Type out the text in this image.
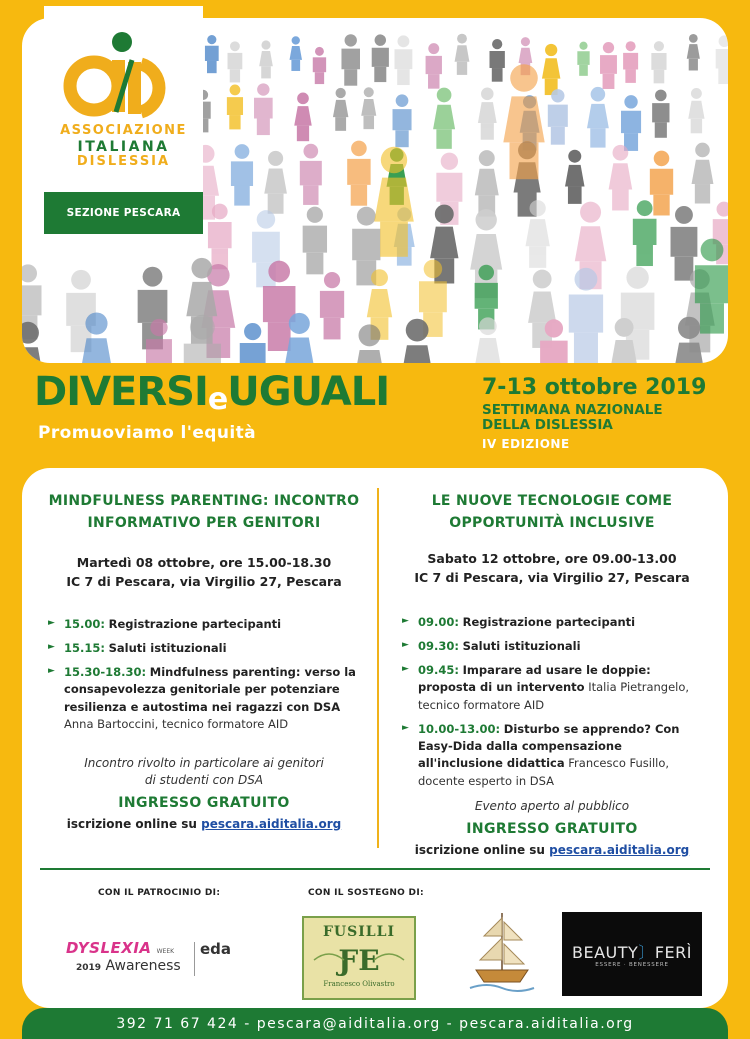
ASSOCIAZIONE
ITALIANA
DISLESSIA
SEZIONE PESCARA
DIVERSIeUGUALI
Promuoviamo l'equità
7-13 ottobre 2019
SETTIMANA NAZIONALE
DELLA DISLESSIA
IV EDIZIONE
MINDFULNESS PARENTING: INCONTRO
INFORMATIVO PER GENITORI
Martedì 08 ottobre, ore 15.00-18.30
IC 7 di Pescara, via Virgilio 27, Pescara
► 15.00: Registrazione partecipanti
► 15.15: Saluti istituzionali
► 15.30-18.30: Mindfulness parenting: verso la consapevolezza genitoriale per potenziare resilienza e autostima nei ragazzi con DSA
Anna Bartoccini, tecnico formatore AID
Incontro rivolto in particolare ai genitori
di studenti con DSA
INGRESSO GRATUITO
iscrizione online su pescara.aiditalia.org
LE NUOVE TECNOLOGIE COME
OPPORTUNITÀ INCLUSIVE
Sabato 12 ottobre, ore 09.00-13.00
IC 7 di Pescara, via Virgilio 27, Pescara
► 09.00: Registrazione partecipanti
► 09.30: Saluti istituzionali
► 09.45: Imparare ad usare le doppie: proposta di un intervento Italia Pietrangelo, tecnico formatore AID
► 10.00-13.00: Disturbo se apprendo? Con Easy-Dida dalla compensazione all'inclusione didattica Francesco Fusillo, docente esperto in DSA
Evento aperto al pubblico
INGRESSO GRATUITO
iscrizione online su pescara.aiditalia.org
CON IL PATROCINIO DI:	CON IL SOSTEGNO DI:
DYSLEXIA WEEK
2019 Awareness
eda
FUSILLI
ƑE
Francesco Olivastro
BEAUTY〕FERÌ
ESSERE · BENESSERE
392 71 67 424 - pescara@aiditalia.org - pescara.aiditalia.org
